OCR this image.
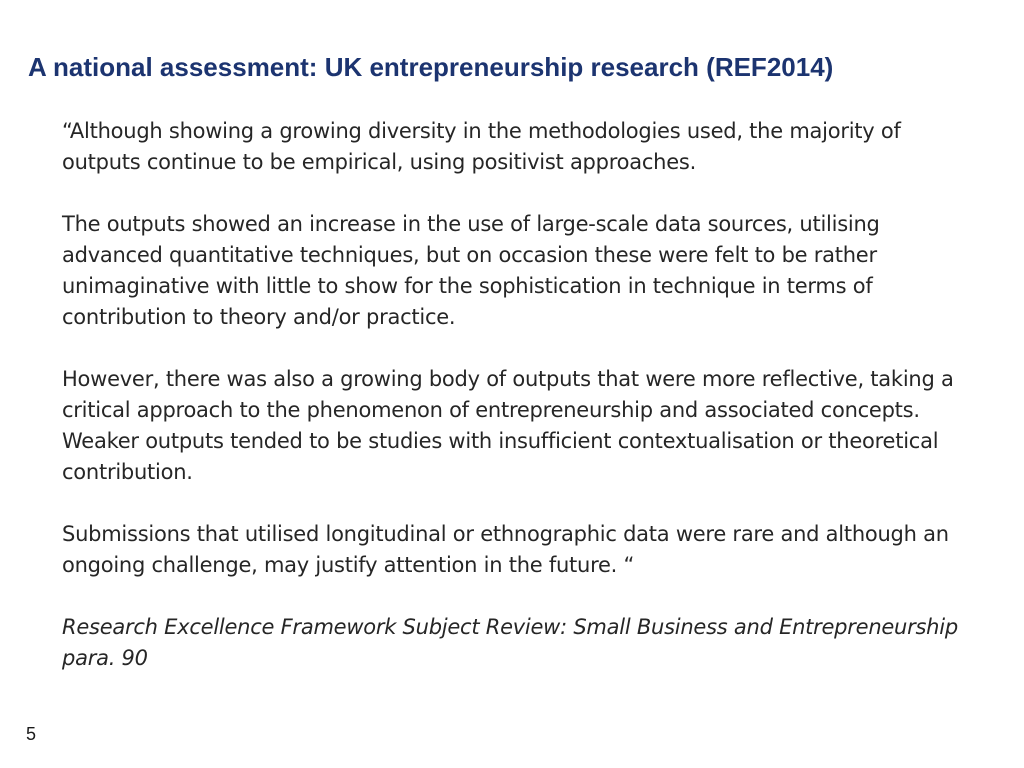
A national assessment: UK entrepreneurship research (REF2014)

“Although showing a growing diversity in the methodologies used, the majority of outputs continue to be empirical, using positivist approaches.

The outputs showed an increase in the use of large-scale data sources, utilising advanced quantitative techniques, but on occasion these were felt to be rather unimaginative with little to show for the sophistication in technique in terms of contribution to theory and/or practice.

However, there was also a growing body of outputs that were more reflective, taking a critical approach to the phenomenon of entrepreneurship and associated concepts. Weaker outputs tended to be studies with insufficient contextualisation or theoretical contribution.

Submissions that utilised longitudinal or ethnographic data were rare and although an ongoing challenge, may justify attention in the future. “

Research Excellence Framework Subject Review: Small Business and Entrepreneurship para. 90

5
